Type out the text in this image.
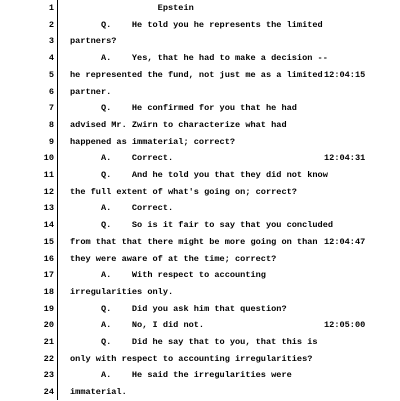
1 Epstein
2 Q.    He told you he represents the limited
3 partners?
4 A.    Yes, that he had to make a decision --
5 he represented the fund, not just me as a limited 12:04:15
6 partner.
7 Q.    He confirmed for you that he had
8 advised Mr. Zwirn to characterize what had
9 happened as immaterial; correct?
10 A.    Correct.	12:04:31
11 Q.    And he told you that they did not know
12 the full extent of what's going on; correct?
13 A.    Correct.
14 Q.    So is it fair to say that you concluded
15 from that that there might be more going on than 12:04:47
16 they were aware of at the time; correct?
17 A.    With respect to accounting
18 irregularities only.
19 Q.    Did you ask him that question?
20 A.    No, I did not.	12:05:00
21 Q.    Did he say that to you, that this is
22 only with respect to accounting irregularities?
23 A.    He said the irregularities were
24 immaterial.
